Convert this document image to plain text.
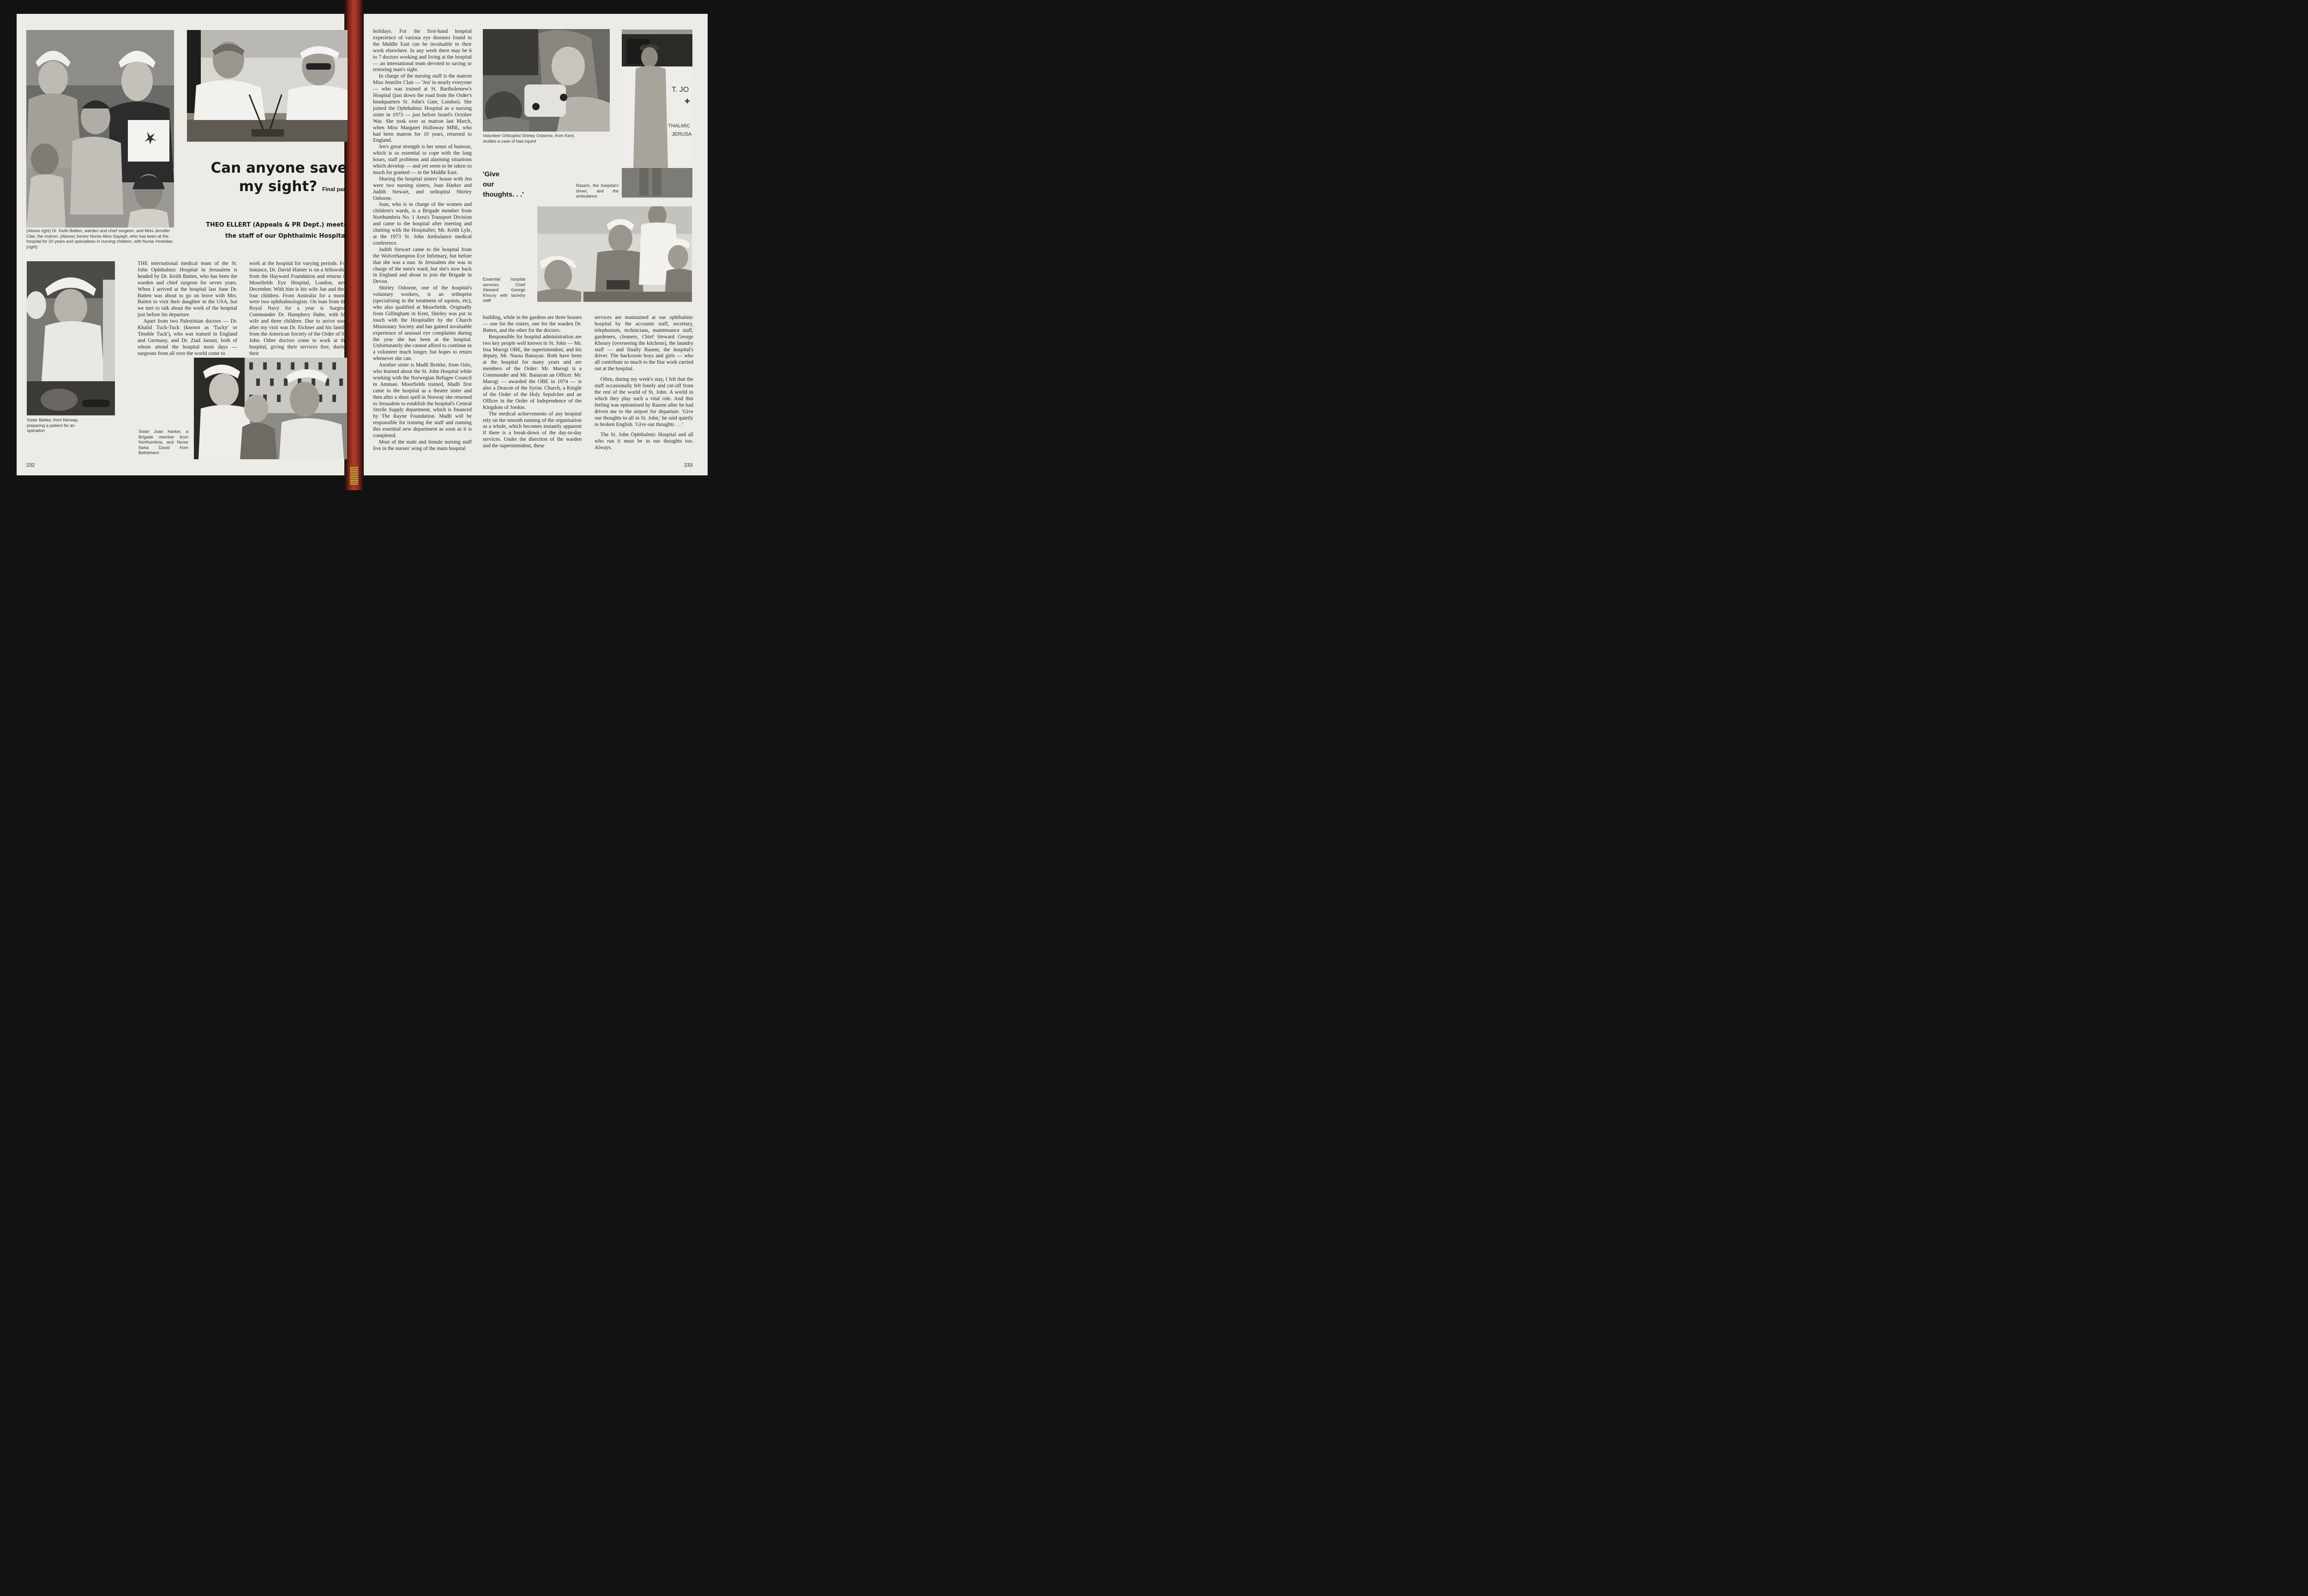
Can anyone save
my sight? Final part
THEO ELLERT (Appeals & PR Dept.) meets
the staff of our Ophthalmic Hospital

(Above right) Dr. Keith Batten, warden and chief surgeon, and Miss Jennifer Clair, the matron. (Above) Senior Nurse Alice Sayegh, who has been at the hospital for 20 years and specialises in nursing children, with Nurse Hmeidan (right)

Sister Bekke, from Norway, preparing a patient for an operation

THE international medical team of the St. John Ophthalmic Hospital in Jerusalem is headed by Dr. Keith Batten, who has been the warden and chief surgeon for seven years. When I arrived at the hospital last June Dr. Batten was about to go on leave with Mrs. Batten to visit their daughter in the USA, but we met to talk about the work of the hospital just before his departure.

Apart from two Palestinian doctors — Dr. Khalid Tuck-Tuck (known as 'Tucky' or 'Double Tuck'), who was trained in England and Germany, and Dr. Ziad Jaouni, both of whom attend the hospital most days — surgeons from all over the world come to

work at the hospital for varying periods. For instance, Dr. David Hunter is on a fellowship from the Hayward Foundation and returns to Moorfields Eye Hospital, London, next December. With him is his wife Jan and their four children. From Australia for a month were two ophthalmologists. On loan from the Royal Navy for a year is Surgeon Commander Dr. Humphrey Hahn, with his wife and three children. Due to arrive soon after my visit was Dr. Eichner and his family from the American Society of the Order of St. John. Other doctors come to work at the hospital, giving their services free, during their

Sister Joan Harker, a Brigade member from Northumbria, and Nurse Noha David from Bethlehem

232

holidays. For the first-hand hospital experience of various eye diseases found in the Middle East can be invaluable to their work elsewhere. In any week there may be 6 to 7 doctors working and living at the hospital — an international team devoted to saving or restoring man's sight.

In charge of the nursing staff is the matron Miss Jennifer Clair — 'Jen' to nearly everyone — who was trained at St. Bartholemew's Hospital (just down the road from the Order's headquarters St. John's Gate, London). She joined the Ophthalmic Hospital as a nursing sister in 1973 — just before Israel's October War. She took over as matron last March, when Miss Margaret Holloway MBE, who had been matron for 10 years, returned to England.

Jen's great strength is her sense of humour, which is so essential to cope with the long hours, staff problems and alarming situations which develop — and yet seem to be taken so much for granted — in the Middle East.

Sharing the hospital sisters' house with Jen were two nursing sisters, Joan Harker and Judith Stewart, and orthoptist Shirley Osborne.

Joan, who is in charge of the women and children's wards, is a Brigade member from Northumbria No. 1 Area's Transport Division and came to the hospital after meeting and chatting with the Hospitaller, Mr. Keith Lyle, at the 1973 St. John Ambulance medical conference.

Judith Stewart came to the hospital from the Wolverhampton Eye Infirmary, but before that she was a nun. In Jerusalem she was in charge of the men's ward, but she's now back in England and about to join the Brigade in Devon.

Shirley Osborne, one of the hospital's voluntary workers, is an orthoptist (specialising in the treatment of squints, etc), who also qualified at Moorfields. Originally from Gillingham in Kent, Shirley was put in touch with the Hospitaller by the Church Missionary Society and has gained invaluable experience of unusual eye complaints during the year she has been at the hospital. Unfortunately she cannot afford to continue as a volunteer much longer, but hopes to return whenever she can.

Another sister is Madli Brekke, from Oslo, who learned about the St. John Hospital while working with the Norwegian Refugee Council in Amman. Moorfields trained, Madli first came to the hospital as a theatre sister and then after a short spell in Norway she returned to Jerusalem to establish the hospital's Central Sterile Supply department, which is financed by The Rayne Foundation. Madli will be responsible for training the staff and running this essential new department as soon as it is completed.

Most of the male and female nursing staff live in the nurses' wing of the main hospital

Volunteer Orthoptist Shirley Osborne, from Kent, studies a case of bad squint

T. JO
✚
THALMIC
JERUSA

Rasem, the hospital's driver, and the ambulance

'Give
our
thoughts. . .'

Essential hospital services. Chief Steward George Khoury with laundry staff

building, while in the gardens are three houses — one for the sisters, one for the warden Dr. Batten, and the other for the doctors.

Responsible for hospital administration are two key people well known in St. John — Mr. Issa Marogi OBE, the superintendent, and his deputy, Mr. Nassa Banayan. Both have been at the hospital for many years and are members of the Order: Mr. Marogi is a Commander and Mr. Banayan an Officer. Mr. Marogi — awarded the OBE in 1974 — is also a Deacon of the Syriac Church, a Knight of the Order of the Holy Sepulchre and an Officer in the Order of Independence of the Kingdom of Jordon.

The medical achievements of any hospital rely on the smooth running of the organisation as a whole, which becomes instantly apparent if there is a break-down of the day-to-day services. Under the direction of the warden and the superintendent, these

services are maintained at our ophthalmic hospital by the accounts staff, secretary, telephonists, technicians, maintenance staff, gardeners, cleaners, Chief Steward George Khoury (overseeing the kitchens), the laundry staff — and finally Rasem, the hospital's driver. The backroom boys and girls — who all contribute so much to the fine work carried out at the hospital.

Often, during my week's stay, I felt that the staff occasionally felt lonely and cut-off from the rest of the world of St. John. A world in which they play such a vital role. And this feeling was epitomised by Rasem after he had driven me to the airport for departure. 'Give our thoughts to all in St. John,' he said quietly in broken English. 'Give our thoughts . . .'

The St. John Ophthalmic Hospital and all who run it must be in our thoughts too. Always.

233
